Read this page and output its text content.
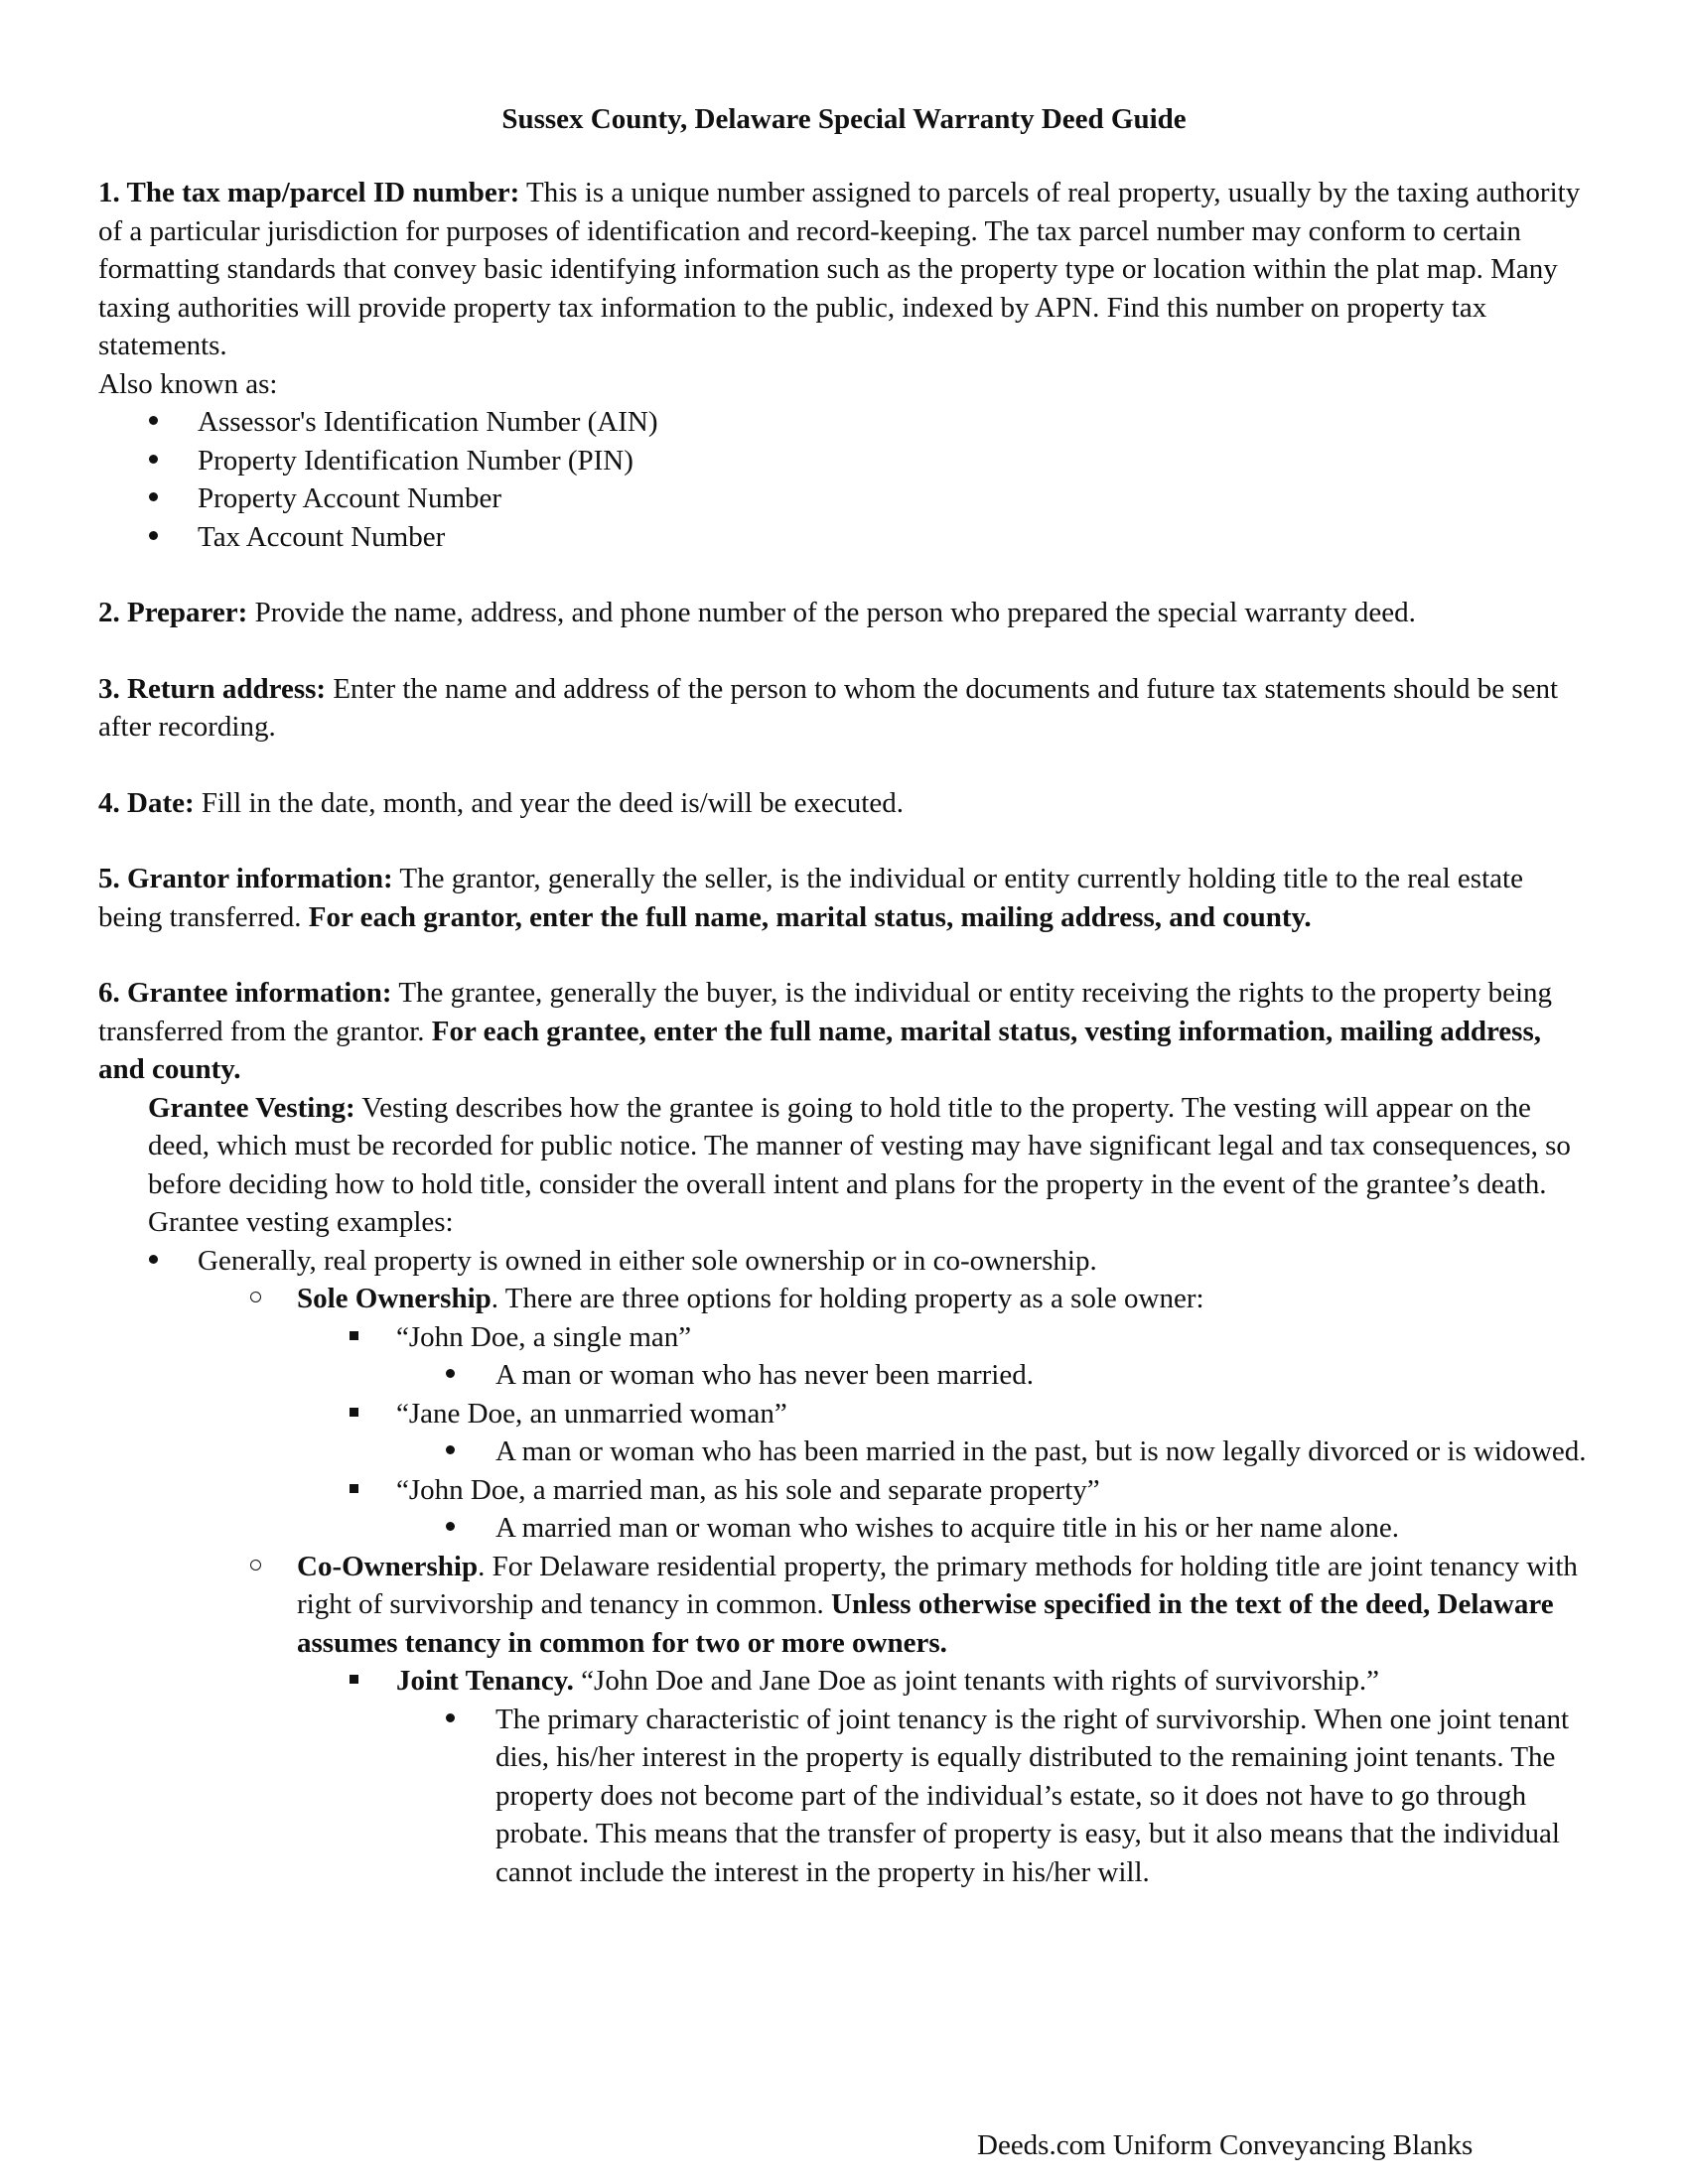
Sussex County, Delaware Special Warranty Deed Guide

1. The tax map/parcel ID number: This is a unique number assigned to parcels of real property, usually by the taxing authority of a particular jurisdiction for purposes of identification and record-keeping. The tax parcel number may conform to certain formatting standards that convey basic identifying information such as the property type or location within the plat map. Many taxing authorities will provide property tax information to the public, indexed by APN. Find this number on property tax statements.

Also known as:

Assessor's Identification Number (AIN)
Property Identification Number (PIN)
Property Account Number
Tax Account Number

2. Preparer: Provide the name, address, and phone number of the person who prepared the special warranty deed.

3. Return address: Enter the name and address of the person to whom the documents and future tax statements should be sent after recording.

4. Date: Fill in the date, month, and year the deed is/will be executed.

5. Grantor information: The grantor, generally the seller, is the individual or entity currently holding title to the real estate being transferred. For each grantor, enter the full name, marital status, mailing address, and county.

6. Grantee information: The grantee, generally the buyer, is the individual or entity receiving the rights to the property being transferred from the grantor. For each grantee, enter the full name, marital status, vesting information, mailing address, and county.

Grantee Vesting: Vesting describes how the grantee is going to hold title to the property. The vesting will appear on the deed, which must be recorded for public notice. The manner of vesting may have significant legal and tax consequences, so before deciding how to hold title, consider the overall intent and plans for the property in the event of the grantee’s death. Grantee vesting examples:

Generally, real property is owned in either sole ownership or in co-ownership.
Sole Ownership. There are three options for holding property as a sole owner:
“John Doe, a single man”
A man or woman who has never been married.
“Jane Doe, an unmarried woman”
A man or woman who has been married in the past, but is now legally divorced or is widowed.
“John Doe, a married man, as his sole and separate property”
A married man or woman who wishes to acquire title in his or her name alone.
Co-Ownership. For Delaware residential property, the primary methods for holding title are joint tenancy with right of survivorship and tenancy in common. Unless otherwise specified in the text of the deed, Delaware assumes tenancy in common for two or more owners.
Joint Tenancy. “John Doe and Jane Doe as joint tenants with rights of survivorship.”
The primary characteristic of joint tenancy is the right of survivorship. When one joint tenant dies, his/her interest in the property is equally distributed to the remaining joint tenants. The property does not become part of the individual’s estate, so it does not have to go through probate. This means that the transfer of property is easy, but it also means that the individual cannot include the interest in the property in his/her will.
Deeds.com Uniform Conveyancing Blanks
